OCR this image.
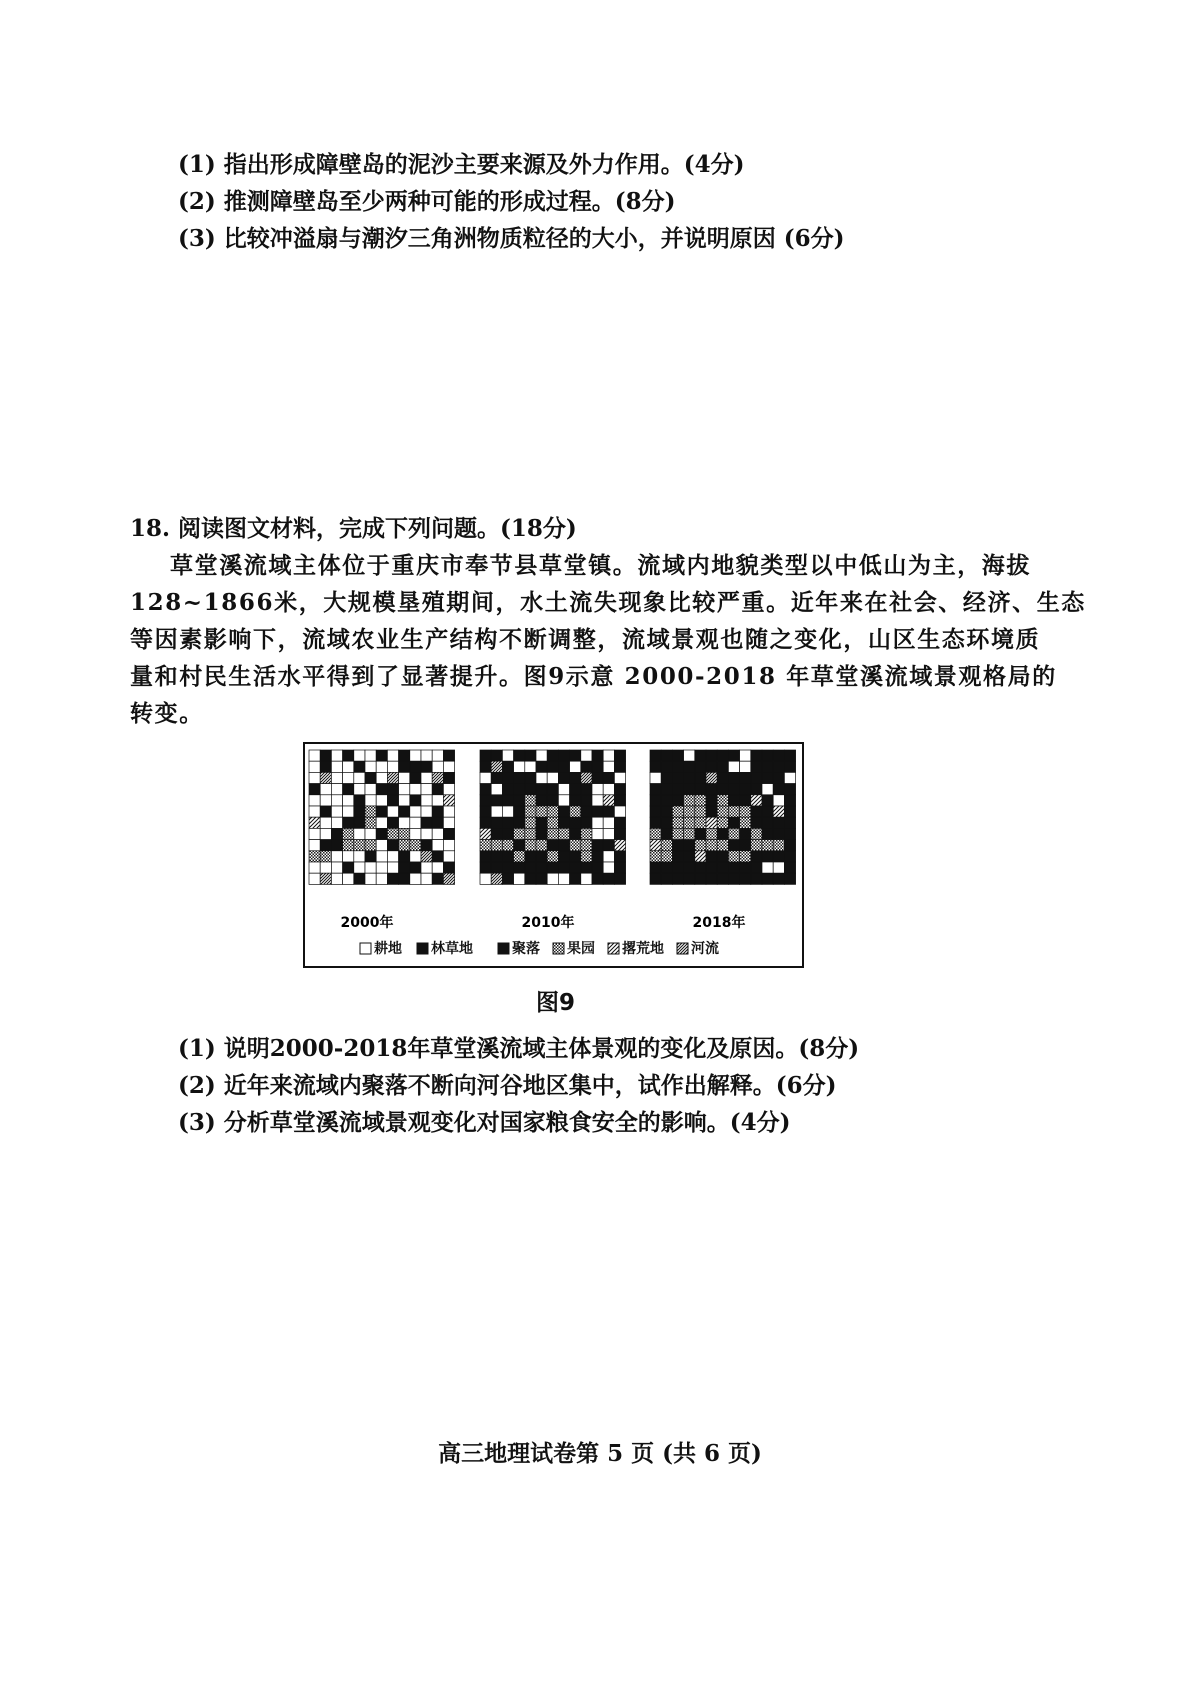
(1) 指出形成障壁岛的泥沙主要来源及外力作用。(4分)
(2) 推测障壁岛至少两种可能的形成过程。(8分)
(3) 比较冲溢扇与潮汐三角洲物质粒径的大小，并说明原因 (6分)
18. 阅读图文材料，完成下列问题。(18分)
草堂溪流域主体位于重庆市奉节县草堂镇。流域内地貌类型以中低山为主，海拔
128~1866米，大规模垦殖期间，水土流失现象比较严重。近年来在社会、经济、生态
等因素影响下，流域农业生产结构不断调整，流域景观也随之变化，山区生态环境质
量和村民生活水平得到了显著提升。图9示意 2000-2018 年草堂溪流域景观格局的
转变。
2000年	2010年	2018年
耕地 林草地	聚落 果园 撂荒地 河流
图9
(1) 说明2000-2018年草堂溪流域主体景观的变化及原因。(8分)
(2) 近年来流域内聚落不断向河谷地区集中，试作出解释。(6分)
(3) 分析草堂溪流域景观变化对国家粮食安全的影响。(4分)
高三地理试卷第 5 页 (共 6 页)
